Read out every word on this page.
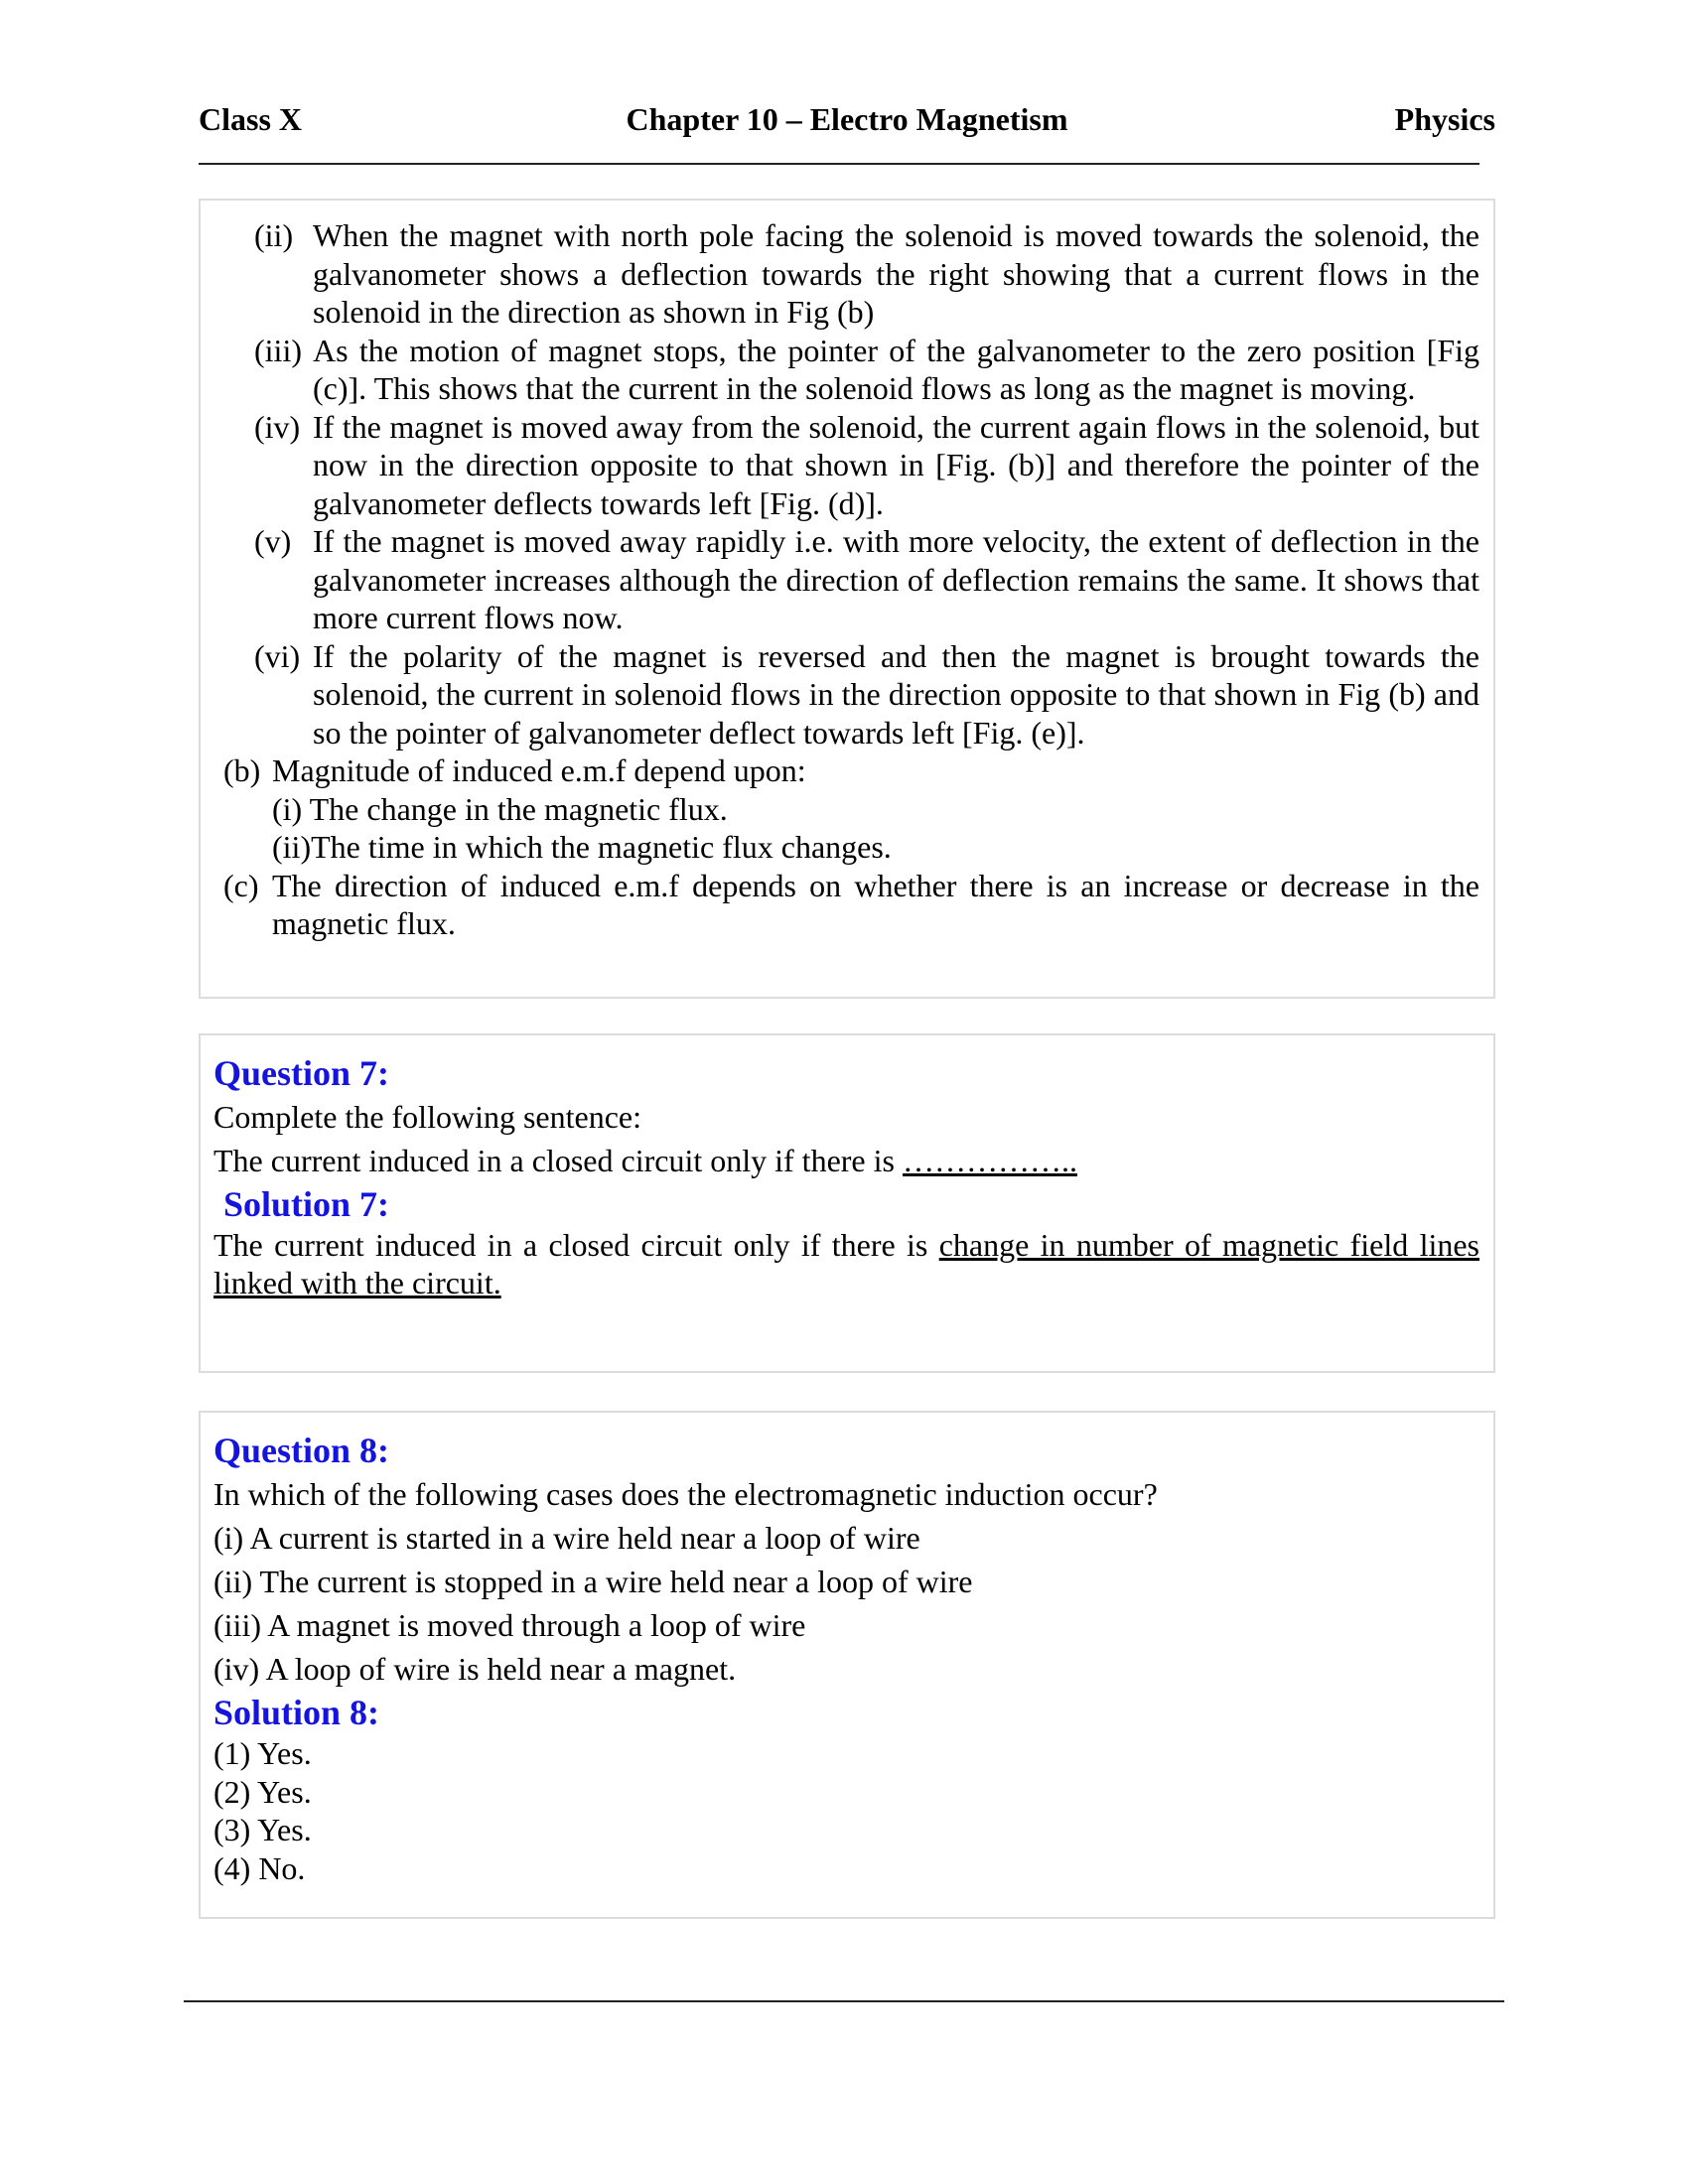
Class X	Chapter 10 – Electro Magnetism	Physics
(ii) When the magnet with north pole facing the solenoid is moved towards the solenoid, the galvanometer shows a deflection towards the right showing that a current flows in the solenoid in the direction as shown in Fig (b)
(iii) As the motion of magnet stops, the pointer of the galvanometer to the zero position [Fig (c)]. This shows that the current in the solenoid flows as long as the magnet is moving.
(iv) If the magnet is moved away from the solenoid, the current again flows in the solenoid, but now in the direction opposite to that shown in [Fig. (b)] and therefore the pointer of the galvanometer deflects towards left [Fig. (d)].
(v) If the magnet is moved away rapidly i.e. with more velocity, the extent of deflection in the galvanometer increases although the direction of deflection remains the same. It shows that more current flows now.
(vi) If the polarity of the magnet is reversed and then the magnet is brought towards the solenoid, the current in solenoid flows in the direction opposite to that shown in Fig (b) and so the pointer of galvanometer deflect towards left [Fig. (e)].
(b) Magnitude of induced e.m.f depend upon:
(i) The change in the magnetic flux.
(ii)The time in which the magnetic flux changes.
(c) The direction of induced e.m.f depends on whether there is an increase or decrease in the magnetic flux.
Question 7:
Complete the following sentence:
The current induced in a closed circuit only if there is ……………..
Solution 7:
The current induced in a closed circuit only if there is change in number of magnetic field lines linked with the circuit.
Question 8:
In which of the following cases does the electromagnetic induction occur?
(i) A current is started in a wire held near a loop of wire
(ii) The current is stopped in a wire held near a loop of wire
(iii) A magnet is moved through a loop of wire
(iv) A loop of wire is held near a magnet.
Solution 8:
(1) Yes.
(2) Yes.
(3) Yes.
(4) No.
